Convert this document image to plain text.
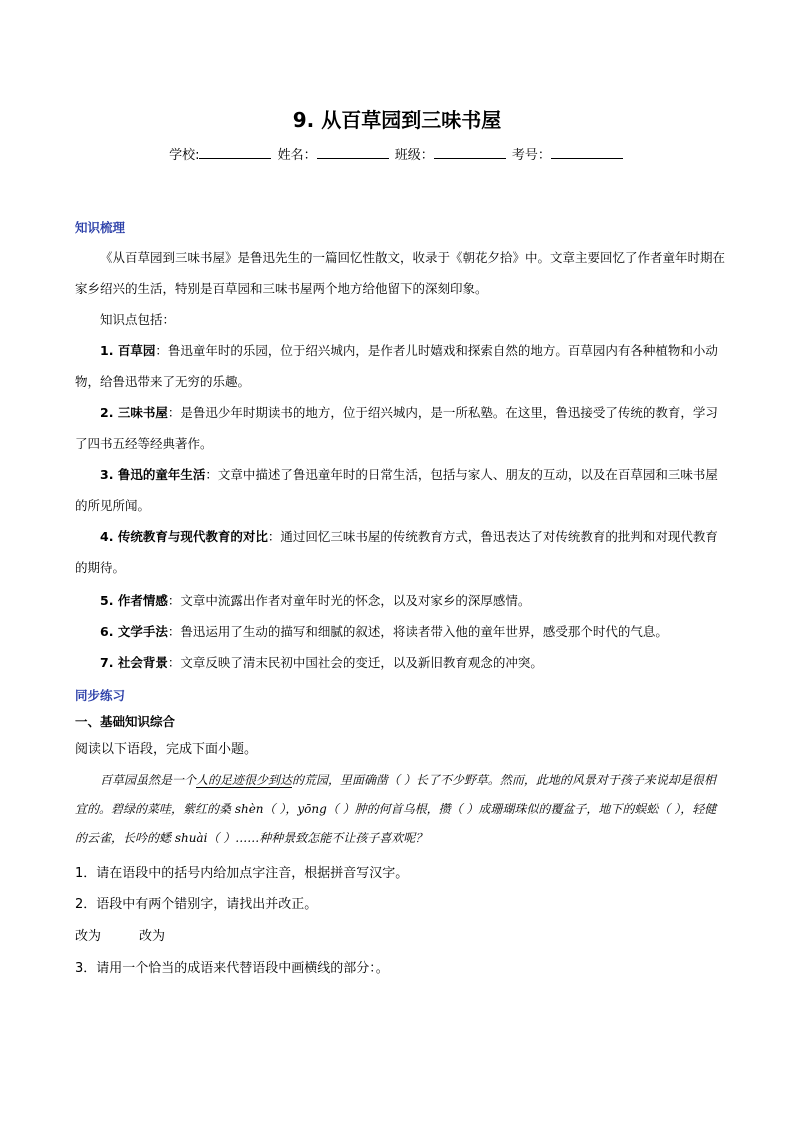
9. 从百草园到三味书屋
学校:	姓名：	班级：	考号：
知识梳理
《从百草园到三味书屋》是鲁迅先生的一篇回忆性散文，收录于《朝花夕拾》中。文章主要回忆了作者童年时期在家乡绍兴的生活，特别是百草园和三味书屋两个地方给他留下的深刻印象。
知识点包括：
1. 百草园：鲁迅童年时的乐园，位于绍兴城内，是作者儿时嬉戏和探索自然的地方。百草园内有各种植物和小动物，给鲁迅带来了无穷的乐趣。
2. 三味书屋：是鲁迅少年时期读书的地方，位于绍兴城内，是一所私塾。在这里，鲁迅接受了传统的教育，学习了四书五经等经典著作。
3. 鲁迅的童年生活：文章中描述了鲁迅童年时的日常生活，包括与家人、朋友的互动，以及在百草园和三味书屋的所见所闻。
4. 传统教育与现代教育的对比：通过回忆三味书屋的传统教育方式，鲁迅表达了对传统教育的批判和对现代教育的期待。
5. 作者情感：文章中流露出作者对童年时光的怀念，以及对家乡的深厚感情。
6. 文学手法：鲁迅运用了生动的描写和细腻的叙述，将读者带入他的童年世界，感受那个时代的气息。
7. 社会背景：文章反映了清末民初中国社会的变迁，以及新旧教育观念的冲突。
同步练习
一、基础知识综合
阅读以下语段，完成下面小题。
百草园虽然是一个人的足迹很少到达的荒园，里面确凿（ ）长了不少野草。然而，此地的风景对于孩子来说却是很相宜的。碧绿的菜哇，紫红的桑 shèn（ ），yōng（ ）肿的何首乌根，攒（ ）成珊瑚珠似的覆盆子，地下的蜈蚣（ ），轻健的云雀，长吟的蟋 shuài（ ）……种种景致怎能不让孩子喜欢呢？
1．请在语段中的括号内给加点字注音，根据拼音写汉字。
2．语段中有两个错别字，请找出并改正。
改为	改为
3．请用一个恰当的成语来代替语段中画横线的部分：。
